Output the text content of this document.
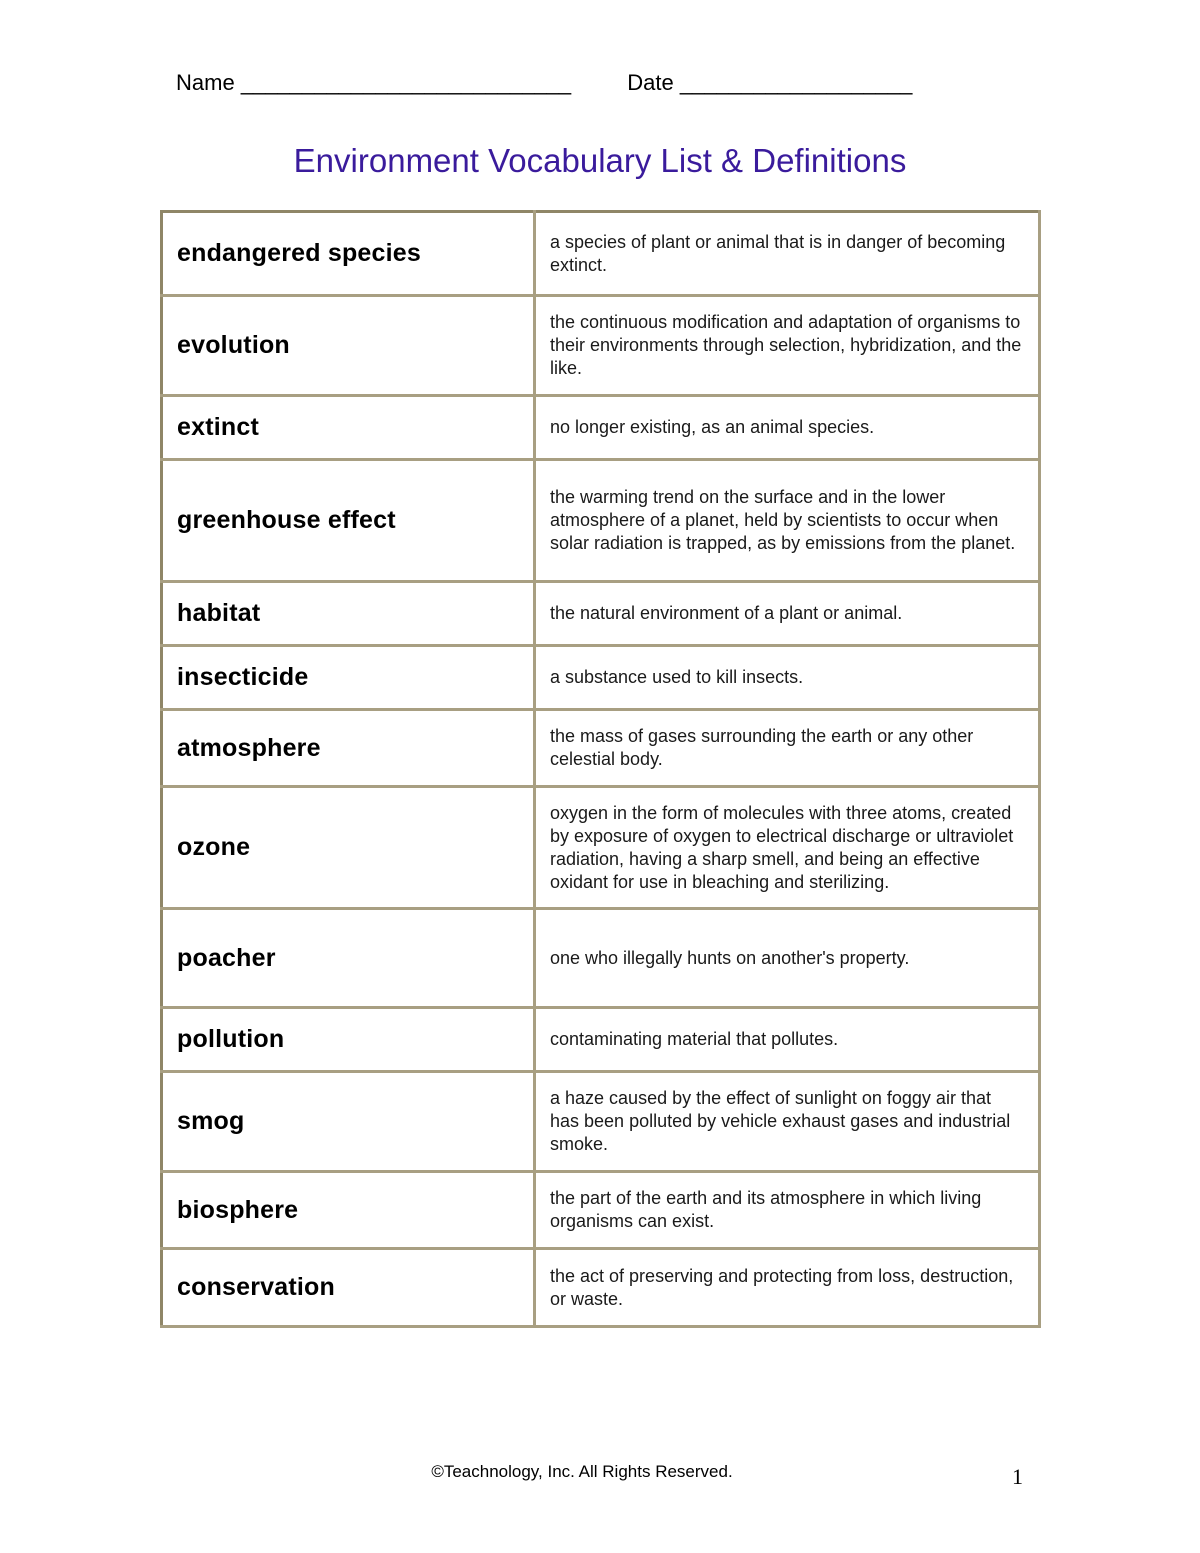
Name ___________________________	Date ___________________
Environment Vocabulary List & Definitions
endangered species	a species of plant or animal that is in danger of becoming extinct.
evolution	the continuous modification and adaptation of organisms to their environments through selection, hybridization, and the like.
extinct	no longer existing, as an animal species.
greenhouse effect	the warming trend on the surface and in the lower atmosphere of a planet, held by scientists to occur when solar radiation is trapped, as by emissions from the planet.
habitat	the natural environment of a plant or animal.
insecticide	a substance used to kill insects.
atmosphere	the mass of gases surrounding the earth or any other celestial body.
ozone	oxygen in the form of molecules with three atoms, created by exposure of oxygen to electrical discharge or ultraviolet radiation, having a sharp smell, and being an effective oxidant for use in bleaching and sterilizing.
poacher	one who illegally hunts on another's property.
pollution	contaminating material that pollutes.
smog	a haze caused by the effect of sunlight on foggy air that has been polluted by vehicle exhaust gases and industrial smoke.
biosphere	the part of the earth and its atmosphere in which living organisms can exist.
conservation	the act of preserving and protecting from loss, destruction, or waste.
©Teachnology, Inc. All Rights Reserved.	1
